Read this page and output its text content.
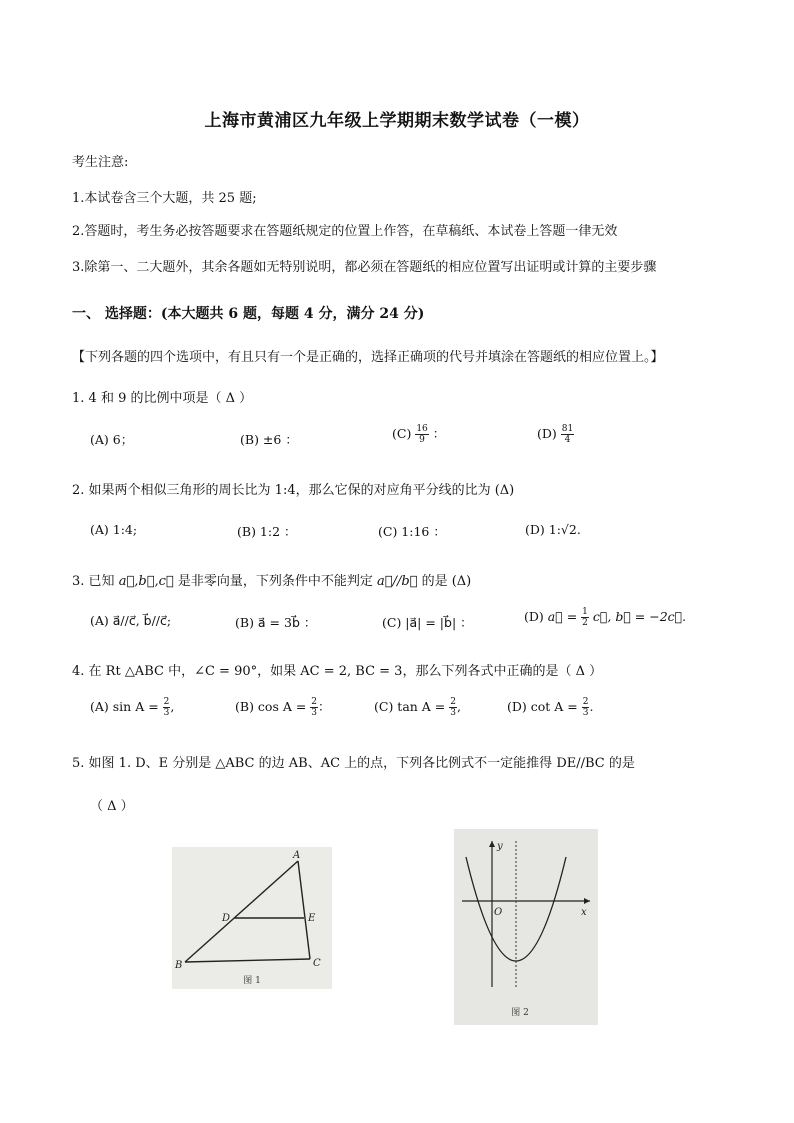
上海市黄浦区九年级上学期期末数学试卷（一模）
考生注意:
1.本试卷含三个大题，共 25 题;
2.答题时，考生务必按答题要求在答题纸规定的位置上作答，在草稿纸、本试卷上答题一律无效
3.除第一、二大题外，其余各题如无特别说明，都必须在答题纸的相应位置写出证明或计算的主要步骤
一、 选择题：(本大题共 6 题，每题 4 分，满分 24 分)
【下列各题的四个选项中，有且只有一个是正确的，选择正确项的代号并填涂在答题纸的相应位置上。】
1. 4 和 9 的比例中项是（ Δ ）
(A) 6；	(B) ±6 ：	$(C) \frac{16}{9}$ ：	$(D) \frac{81}{4}$
2. 如果两个相似三角形的周长比为 1:4，那么它保的对应角平分线的比为 (Δ)
(A) 1:4;	(B) 1:2 ：	(C) 1:16 ：	(D) 1:√2.
3. 已知 a⃗,b⃗,c⃗ 是非零向量，下列条件中不能判定 a⃗//b⃗ 的是 (Δ)
(A) a⃗//c⃗, b⃗//c⃗;	(B) a⃗ = 3b⃗ ：	(C) |a⃗| = |b⃗| ：	(D) a⃗ = $\frac{1}{2}$ c⃗, b⃗ = −2c⃗.
4. 在 Rt △ABC 中，∠C = 90°，如果 AC = 2, BC = 3，那么下列各式中正确的是（ Δ ）
(A) $\sin A = \frac{2}{3}$ ,	(B) $\cos A = \frac{2}{3}$ ：	(C) $\tan A = \frac{2}{3}$ ,	(D) $\cot A = \frac{2}{3}$ .
5. 如图 1. D、E 分别是 △ABC 的边 AB、AC 上的点，下列各比例式不一定能推得 DE//BC 的是
（ Δ ）
A
B	C
D	E
图 1
x
y
O
图 2
